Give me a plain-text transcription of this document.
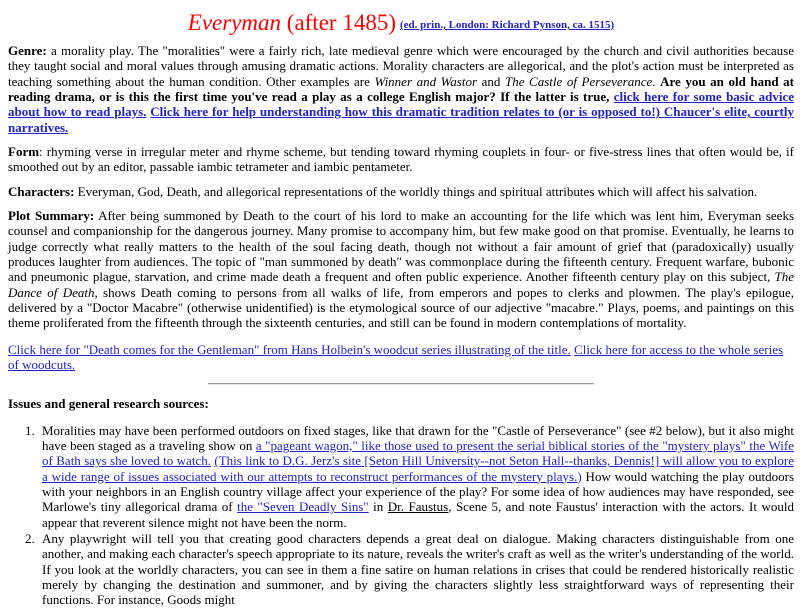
Everyman (after 1485) (ed. prin., London: Richard Pynson, ca. 1515)

Genre: a morality play. The "moralities" were a fairly rich, late medieval genre which were encouraged by the church and civil authorities because they taught social and moral values through amusing dramatic actions. Morality characters are allegorical, and the plot's action must be interpreted as teaching something about the human condition. Other examples are Winner and Wastor and The Castle of Perseverance. Are you an old hand at reading drama, or is this the first time you've read a play as a college English major? If the latter is true, click here for some basic advice about how to read plays. Click here for help understanding how this dramatic tradition relates to (or is opposed to!) Chaucer's elite, courtly narratives.

Form: rhyming verse in irregular meter and rhyme scheme, but tending toward rhyming couplets in four- or five-stress lines that often would be, if smoothed out by an editor, passable iambic tetrameter and iambic pentameter.

Characters: Everyman, God, Death, and allegorical representations of the worldly things and spiritual attributes which will affect his salvation.

Plot Summary: After being summoned by Death to the court of his lord to make an accounting for the life which was lent him, Everyman seeks counsel and companionship for the dangerous journey. Many promise to accompany him, but few make good on that promise. Eventually, he learns to judge correctly what really matters to the health of the soul facing death, though not without a fair amount of grief that (paradoxically) usually produces laughter from audiences. The topic of "man summoned by death" was commonplace during the fifteenth century. Frequent warfare, bubonic and pneumonic plague, starvation, and crime made death a frequent and often public experience. Another fifteenth century play on this subject, The Dance of Death, shows Death coming to persons from all walks of life, from emperors and popes to clerks and plowmen. The play's epilogue, delivered by a "Doctor Macabre" (otherwise unidentified) is the etymological source of our adjective "macabre." Plays, poems, and paintings on this theme proliferated from the fifteenth through the sixteenth centuries, and still can be found in modern contemplations of mortality.

Click here for "Death comes for the Gentleman" from Hans Holbein's woodcut series illustrating of the title. Click here for access to the whole series of woodcuts.

Issues and general research sources:
1. Moralities may have been performed outdoors on fixed stages, like that drawn for the "Castle of Perseverance" (see #2 below), but it also might have been staged as a traveling show on a "pageant wagon," like those used to present the serial biblical stories of the "mystery plays" the Wife of Bath says she loved to watch. (This link to D.G. Jerz's site [Seton Hill University--not Seton Hall--thanks, Dennis!] will allow you to explore a wide range of issues associated with our attempts to reconstruct performances of the mystery plays.) How would watching the play outdoors with your neighbors in an English country village affect your experience of the play? For some idea of how audiences may have responded, see Marlowe's tiny allegorical drama of the "Seven Deadly Sins" in Dr. Faustus, Scene 5, and note Faustus' interaction with the actors. It would appear that reverent silence might not have been the norm.
2. Any playwright will tell you that creating good characters depends a great deal on dialogue. Making characters distinguishable from one another, and making each character's speech appropriate to its nature, reveals the writer's craft as well as the writer's understanding of the world. If you look at the worldly characters, you can see in them a fine satire on human relations in crises that could be rendered historically realistic merely by changing the destination and summoner, and by giving the characters slightly less straightforward ways of representing their functions. For instance, Goods might
